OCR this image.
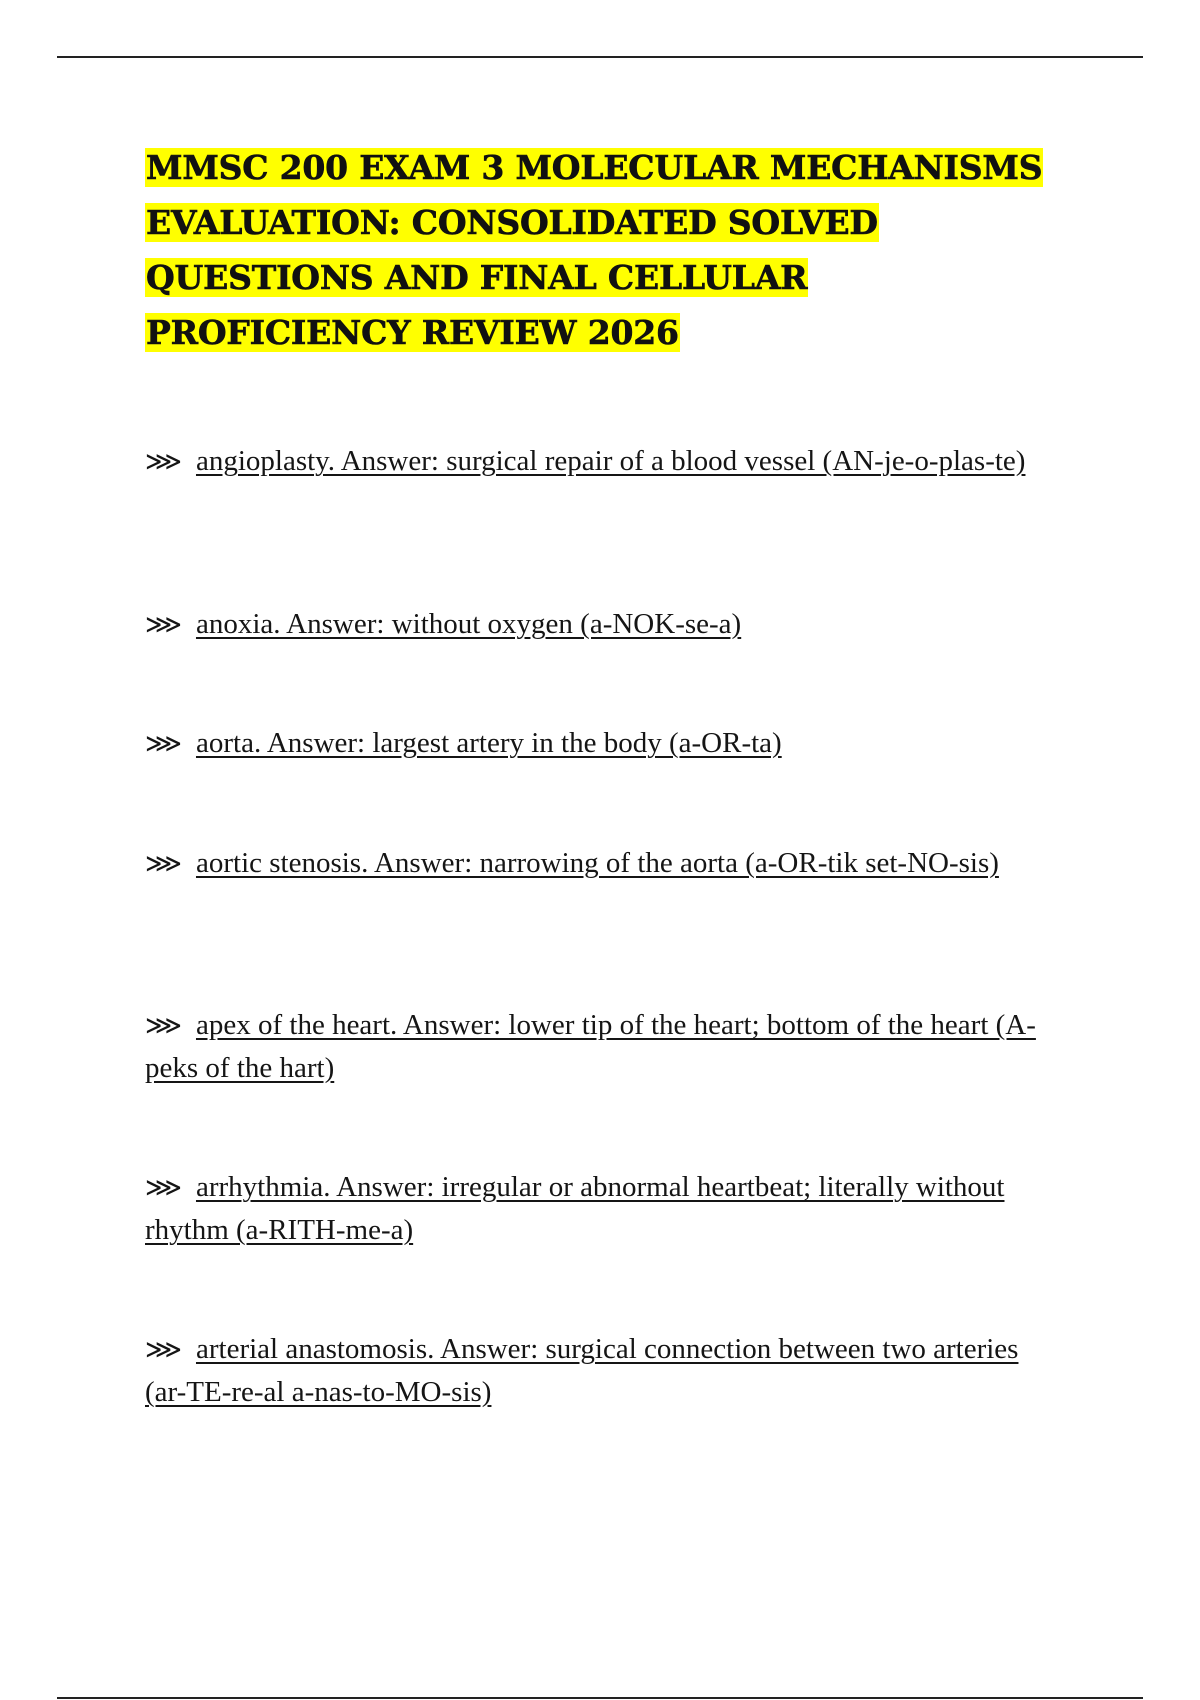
MMSC 200 EXAM 3 MOLECULAR MECHANISMS EVALUATION: CONSOLIDATED SOLVED QUESTIONS AND FINAL CELLULAR PROFICIENCY REVIEW 2026

⋙ angioplasty. Answer: surgical repair of a blood vessel (AN-je-o-plas-te)

⋙ anoxia. Answer: without oxygen (a-NOK-se-a)

⋙ aorta. Answer: largest artery in the body (a-OR-ta)

⋙ aortic stenosis. Answer: narrowing of the aorta (a-OR-tik set-NO-sis)

⋙ apex of the heart. Answer: lower tip of the heart; bottom of the heart (A-peks of the hart)

⋙ arrhythmia. Answer: irregular or abnormal heartbeat; literally without rhythm (a-RITH-me-a)

⋙ arterial anastomosis. Answer: surgical connection between two arteries (ar-TE-re-al a-nas-to-MO-sis)
